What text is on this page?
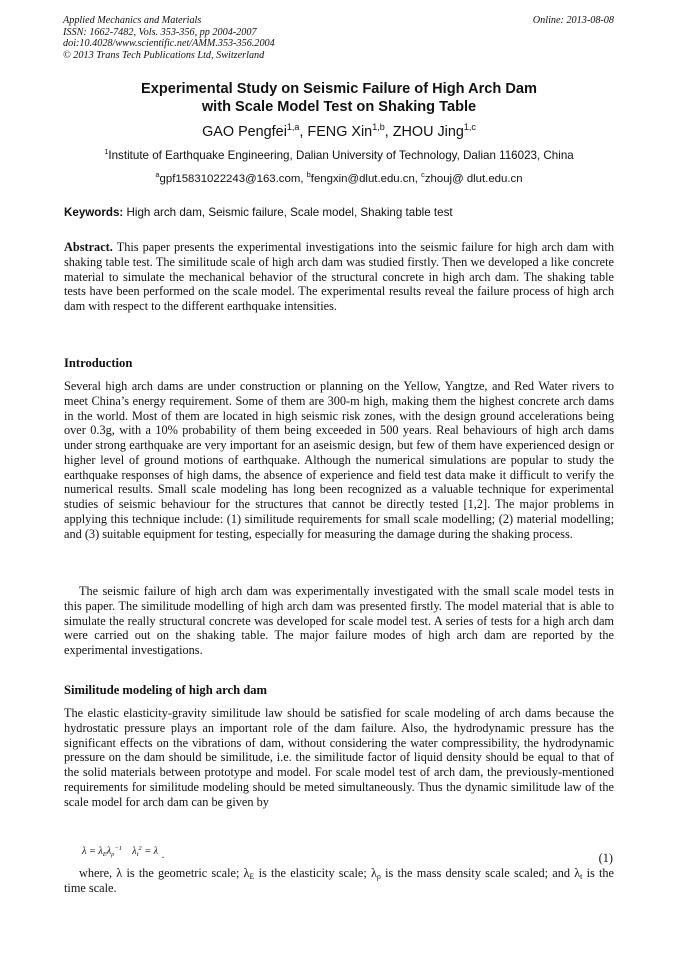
Applied Mechanics and Materials
ISSN: 1662-7482, Vols. 353-356, pp 2004-2007
doi:10.4028/www.scientific.net/AMM.353-356.2004
© 2013 Trans Tech Publications Ltd, Switzerland
Online: 2013-08-08
Experimental Study on Seismic Failure of High Arch Dam
with Scale Model Test on Shaking Table
GAO Pengfei$^{1,a}$, FENG Xin$^{1,b}$, ZHOU Jing$^{1,c}$
$^1$Institute of Earthquake Engineering, Dalian University of Technology, Dalian 116023, China
$^a$gpf15831022243@163.com, $^b$fengxin@dlut.edu.cn, $^c$zhouj@ dlut.edu.cn
Keywords: High arch dam, Seismic failure, Scale model, Shaking table test
Abstract. This paper presents the experimental investigations into the seismic failure for high arch dam with shaking table test. The similitude scale of high arch dam was studied firstly. Then we developed a like concrete material to simulate the mechanical behavior of the structural concrete in high arch dam. The shaking table tests have been performed on the scale model. The experimental results reveal the failure process of high arch dam with respect to the different earthquake intensities.
Introduction
Several high arch dams are under construction or planning on the Yellow, Yangtze, and Red Water rivers to meet China’s energy requirement. Some of them are 300-m high, making them the highest concrete arch dams in the world. Most of them are located in high seismic risk zones, with the design ground accelerations being over 0.3g, with a 10% probability of them being exceeded in 500 years. Real behaviours of high arch dams under strong earthquake are very important for an aseismic design, but few of them have experienced design or higher level of ground motions of earthquake. Although the numerical simulations are popular to study the earthquake responses of high dams, the absence of experience and field test data make it difficult to verify the numerical results. Small scale modeling has long been recognized as a valuable technique for experimental studies of seismic behaviour for the structures that cannot be directly tested [1,2]. The major problems in applying this technique include: (1) similitude requirements for small scale modelling; (2) material modelling; and (3) suitable equipment for testing, especially for measuring the damage during the shaking process.
The seismic failure of high arch dam was experimentally investigated with the small scale model tests in this paper. The similitude modelling of high arch dam was presented firstly. The model material that is able to simulate the really structural concrete was developed for scale model test. A series of tests for a high arch dam were carried out on the shaking table. The major failure modes of high arch dam are reported by the experimental investigations.
Similitude modeling of high arch dam
The elastic elasticity-gravity similitude law should be satisfied for scale modeling of arch dams because the hydrostatic pressure plays an important role of the dam failure. Also, the hydrodynamic pressure has the significant effects on the vibrations of dam, without considering the water compressibility, the hydrodynamic pressure on the dam should be similitude, i.e. the similitude factor of liquid density should be equal to that of the solid materials between prototype and model. For scale model test of arch dam, the previously-mentioned requirements for similitude modeling should be meted simultaneously. Thus the dynamic similitude law of the scale model for arch dam can be given by
$\lambda = \lambda_E\lambda_\rho^{-1}$ $\lambda_t^2 = \lambda$ .	(1)
where, λ is the geometric scale; $\lambda_E$ is the elasticity scale; $\lambda_\rho$ is the mass density scale scaled; and $\lambda_t$ is the time scale.
